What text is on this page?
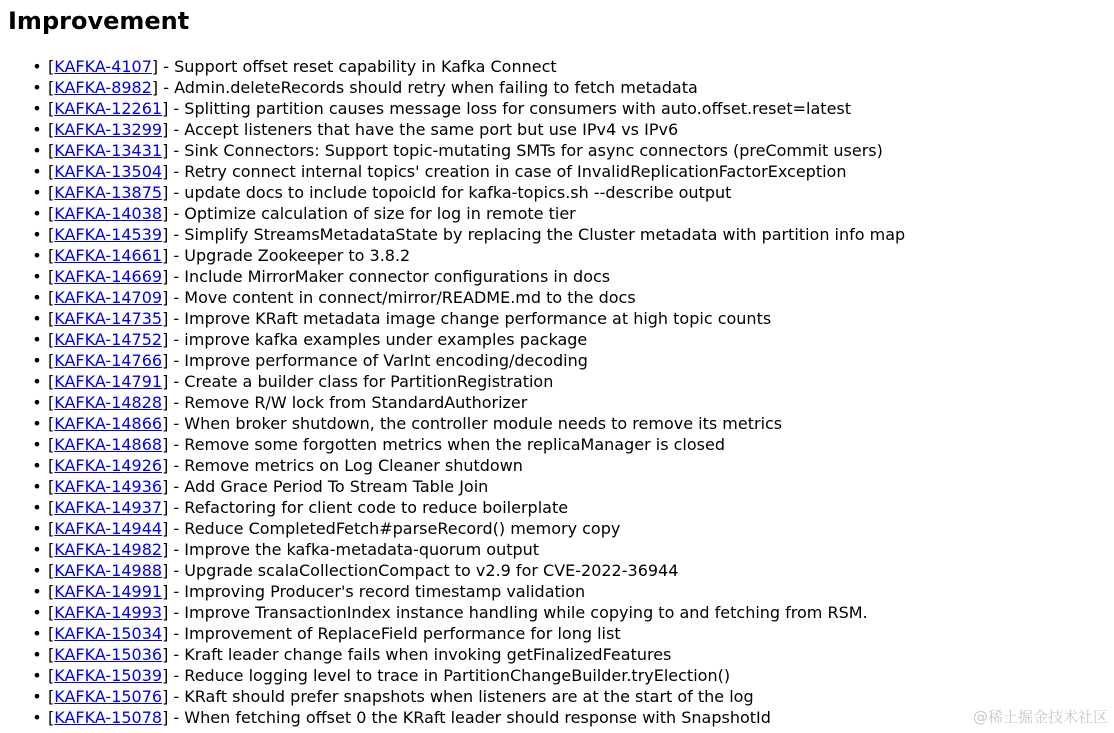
Improvement
• [KAFKA-4107] - Support offset reset capability in Kafka Connect
• [KAFKA-8982] - Admin.deleteRecords should retry when failing to fetch metadata
• [KAFKA-12261] - Splitting partition causes message loss for consumers with auto.offset.reset=latest
• [KAFKA-13299] - Accept listeners that have the same port but use IPv4 vs IPv6
• [KAFKA-13431] - Sink Connectors: Support topic-mutating SMTs for async connectors (preCommit users)
• [KAFKA-13504] - Retry connect internal topics' creation in case of InvalidReplicationFactorException
• [KAFKA-13875] - update docs to include topoicId for kafka-topics.sh --describe output
• [KAFKA-14038] - Optimize calculation of size for log in remote tier
• [KAFKA-14539] - Simplify StreamsMetadataState by replacing the Cluster metadata with partition info map
• [KAFKA-14661] - Upgrade Zookeeper to 3.8.2
• [KAFKA-14669] - Include MirrorMaker connector configurations in docs
• [KAFKA-14709] - Move content in connect/mirror/README.md to the docs
• [KAFKA-14735] - Improve KRaft metadata image change performance at high topic counts
• [KAFKA-14752] - improve kafka examples under examples package
• [KAFKA-14766] - Improve performance of VarInt encoding/decoding
• [KAFKA-14791] - Create a builder class for PartitionRegistration
• [KAFKA-14828] - Remove R/W lock from StandardAuthorizer
• [KAFKA-14866] - When broker shutdown, the controller module needs to remove its metrics
• [KAFKA-14868] - Remove some forgotten metrics when the replicaManager is closed
• [KAFKA-14926] - Remove metrics on Log Cleaner shutdown
• [KAFKA-14936] - Add Grace Period To Stream Table Join
• [KAFKA-14937] - Refactoring for client code to reduce boilerplate
• [KAFKA-14944] - Reduce CompletedFetch#parseRecord() memory copy
• [KAFKA-14982] - Improve the kafka-metadata-quorum output
• [KAFKA-14988] - Upgrade scalaCollectionCompact to v2.9 for CVE-2022-36944
• [KAFKA-14991] - Improving Producer's record timestamp validation
• [KAFKA-14993] - Improve TransactionIndex instance handling while copying to and fetching from RSM.
• [KAFKA-15034] - Improvement of ReplaceField performance for long list
• [KAFKA-15036] - Kraft leader change fails when invoking getFinalizedFeatures
• [KAFKA-15039] - Reduce logging level to trace in PartitionChangeBuilder.tryElection()
• [KAFKA-15076] - KRaft should prefer snapshots when listeners are at the start of the log
• [KAFKA-15078] - When fetching offset 0 the KRaft leader should response with SnapshotId	@稀土掘金技术社区
